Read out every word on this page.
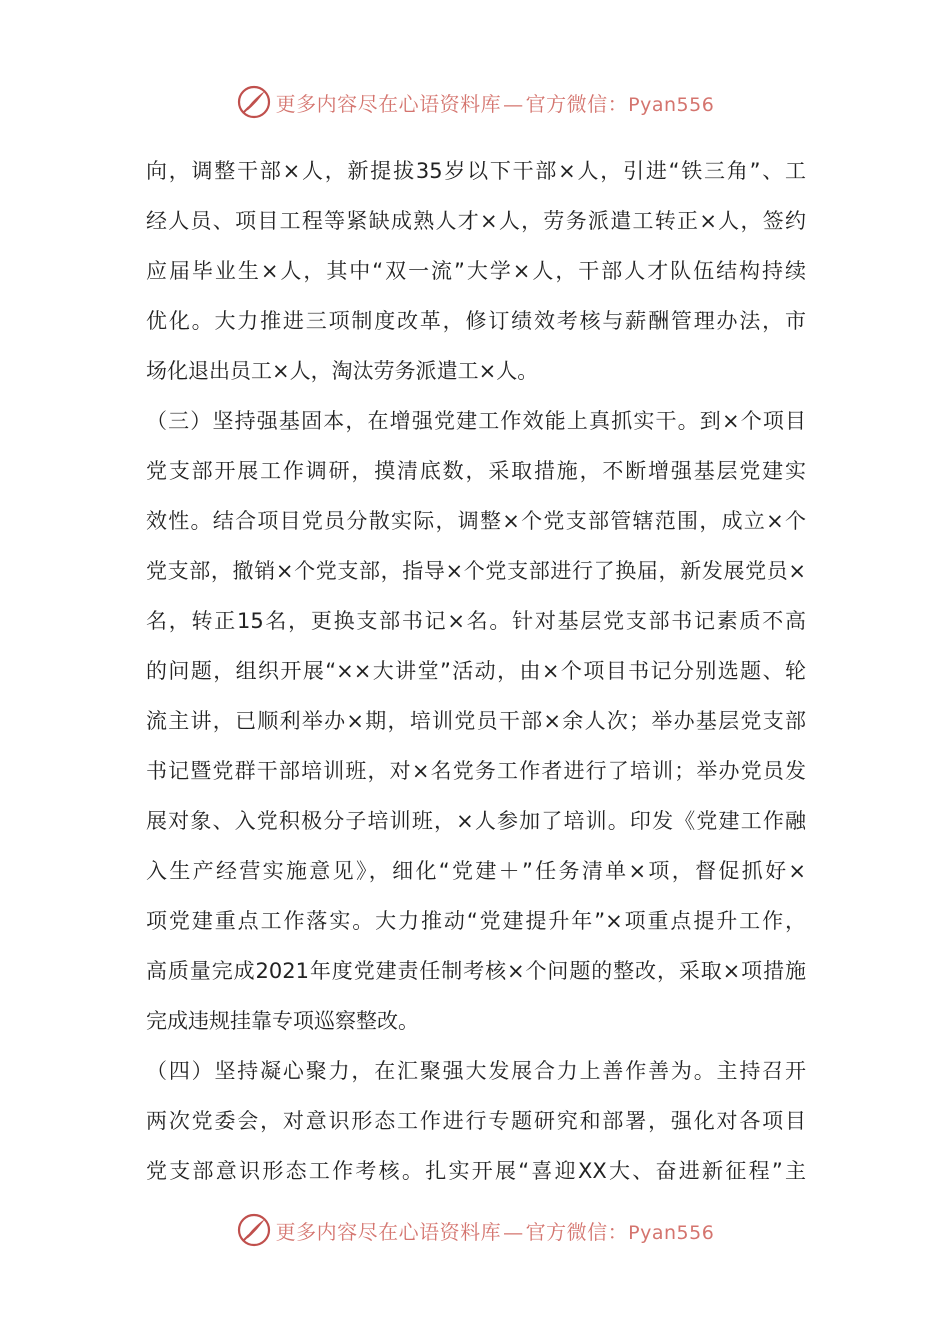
更多内容尽在心语资料库 — 官方微信：Pyan556
向，调整干部×人，新提拔35岁以下干部×人，引进“铁三角”、工
经人员、项目工程等紧缺成熟人才×人，劳务派遣工转正×人，签约
应届毕业生×人，其中“双一流”大学×人，干部人才队伍结构持续
优化。大力推进三项制度改革，修订绩效考核与薪酬管理办法，市
场化退出员工×人，淘汰劳务派遣工×人。
（三）坚持强基固本，在增强党建工作效能上真抓实干。到×个项目
党支部开展工作调研，摸清底数，采取措施，不断增强基层党建实
效性。结合项目党员分散实际，调整×个党支部管辖范围，成立×个
党支部，撤销×个党支部，指导×个党支部进行了换届，新发展党员×
名，转正15名，更换支部书记×名。针对基层党支部书记素质不高
的问题，组织开展“××大讲堂”活动，由×个项目书记分别选题、轮
流主讲，已顺利举办×期，培训党员干部×余人次；举办基层党支部
书记暨党群干部培训班，对×名党务工作者进行了培训；举办党员发
展对象、入党积极分子培训班，×人参加了培训。印发《党建工作融
入生产经营实施意见》，细化“党建＋”任务清单×项，督促抓好×
项党建重点工作落实。大力推动“党建提升年”×项重点提升工作，
高质量完成2021年度党建责任制考核×个问题的整改，采取×项措施
完成违规挂靠专项巡察整改。
（四）坚持凝心聚力，在汇聚强大发展合力上善作善为。主持召开
两次党委会，对意识形态工作进行专题研究和部署，强化对各项目
党支部意识形态工作考核。扎实开展“喜迎XX大、奋进新征程”主
更多内容尽在心语资料库 — 官方微信：Pyan556
